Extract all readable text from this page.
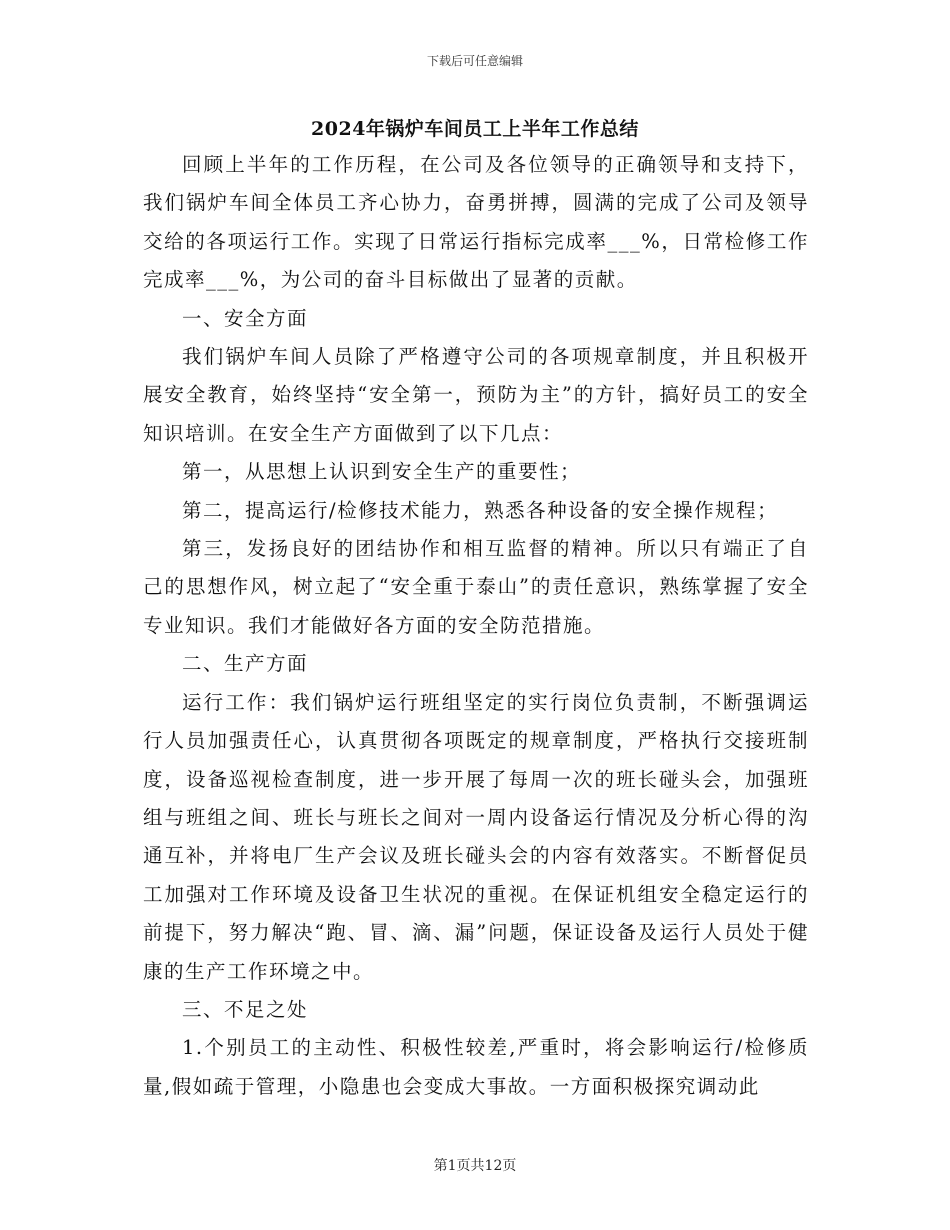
下载后可任意编辑
2024年锅炉车间员工上半年工作总结

回顾上半年的工作历程，在公司及各位领导的正确领导和支持下，我们锅炉车间全体员工齐心协力，奋勇拼搏，圆满的完成了公司及领导交给的各项运行工作。实现了日常运行指标完成率___%，日常检修工作完成率___%，为公司的奋斗目标做出了显著的贡献。

一、安全方面

我们锅炉车间人员除了严格遵守公司的各项规章制度，并且积极开展安全教育，始终坚持“安全第一，预防为主”的方针，搞好员工的安全知识培训。在安全生产方面做到了以下几点：

第一，从思想上认识到安全生产的重要性；

第二，提高运行/检修技术能力，熟悉各种设备的安全操作规程；

第三，发扬良好的团结协作和相互监督的精神。所以只有端正了自己的思想作风，树立起了“安全重于泰山”的责任意识，熟练掌握了安全专业知识。我们才能做好各方面的安全防范措施。

二、生产方面

运行工作：我们锅炉运行班组坚定的实行岗位负责制，不断强调运行人员加强责任心，认真贯彻各项既定的规章制度，严格执行交接班制度，设备巡视检查制度，进一步开展了每周一次的班长碰头会，加强班组与班组之间、班长与班长之间对一周内设备运行情况及分析心得的沟通互补，并将电厂生产会议及班长碰头会的内容有效落实。不断督促员工加强对工作环境及设备卫生状况的重视。在保证机组安全稳定运行的前提下，努力解决“跑、冒、滴、漏”问题，保证设备及运行人员处于健康的生产工作环境之中。

三、不足之处

1.个别员工的主动性、积极性较差,严重时，将会影响运行/检修质量,假如疏于管理，小隐患也会变成大事故。一方面积极探究调动此

第1页共12页
